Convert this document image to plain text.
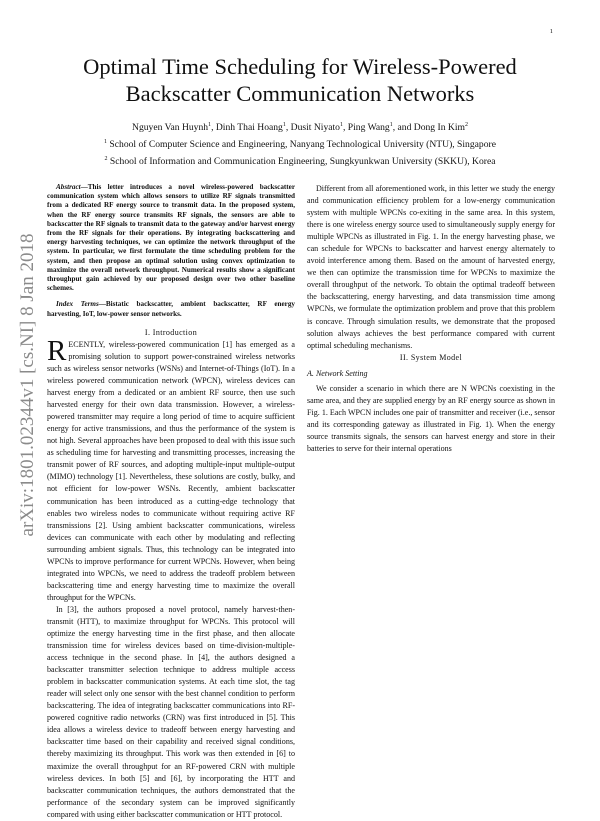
1
arXiv:1801.02344v1 [cs.NI] 8 Jan 2018
Optimal Time Scheduling for Wireless-Powered Backscatter Communication Networks
Nguyen Van Huynh$^1$, Dinh Thai Hoang$^1$, Dusit Niyato$^1$, Ping Wang$^1$, and Dong In Kim$^2$
$^1$ School of Computer Science and Engineering, Nanyang Technological University (NTU), Singapore
$^2$ School of Information and Communication Engineering, Sungkyunkwan University (SKKU), Korea

Abstract—This letter introduces a novel wireless-powered backscatter communication system which allows sensors to utilize RF signals transmitted from a dedicated RF energy source to transmit data. In the proposed system, when the RF energy source transmits RF signals, the sensors are able to backscatter the RF signals to transmit data to the gateway and/or harvest energy from the RF signals for their operations. By integrating backscattering and energy harvesting techniques, we can optimize the network throughput of the system. In particular, we first formulate the time scheduling problem for the system, and then propose an optimal solution using convex optimization to maximize the overall network throughput. Numerical results show a significant throughput gain achieved by our proposed design over two other baseline schemes.

Index Terms—Bistatic backscatter, ambient backscatter, RF energy harvesting, IoT, low-power sensor networks.

I. Introduction

RECENTLY, wireless-powered communication [1] has emerged as a promising solution to support power-constrained wireless networks such as wireless sensor networks (WSNs) and Internet-of-Things (IoT). In a wireless powered communication network (WPCN), wireless devices can harvest energy from a dedicated or an ambient RF source, then use such harvested energy for their own data transmission. However, a wireless-powered transmitter may require a long period of time to acquire sufficient energy for active transmissions, and thus the performance of the system is not high. Several approaches have been proposed to deal with this issue such as scheduling time for harvesting and transmitting processes, increasing the transmit power of RF sources, and adopting multiple-input multiple-output (MIMO) technology [1]. Nevertheless, these solutions are costly, bulky, and not efficient for low-power WSNs. Recently, ambient backscatter communication has been introduced as a cutting-edge technology that enables two wireless nodes to communicate without requiring active RF transmissions [2]. Using ambient backscatter communications, wireless devices can communicate with each other by modulating and reflecting surrounding ambient signals. Thus, this technology can be integrated into WPCNs to improve performance for current WPCNs. However, when being integrated into WPCNs, we need to address the tradeoff problem between backscattering time and energy harvesting time to maximize the overall throughput for the WPCNs.

In [3], the authors proposed a novel protocol, namely harvest-then-transmit (HTT), to maximize throughput for WPCNs. This protocol will optimize the energy harvesting time in the first phase, and then allocate transmission time for wireless devices based on time-division-multiple-access technique in the second phase. In [4], the authors designed a backscatter transmitter selection technique to address multiple access problem in backscatter communication systems. At each time slot, the tag reader will select only one sensor with the best channel condition to perform backscattering. The idea of integrating backscatter communications into RF-powered cognitive radio networks (CRN) was first introduced in [5]. This idea allows a wireless device to tradeoff between energy harvesting and backscatter time based on their capability and received signal conditions, thereby maximizing its throughput. This work was then extended in [6] to maximize the overall throughput for an RF-powered CRN with multiple wireless devices. In both [5] and [6], by incorporating the HTT and backscatter communication techniques, the authors demonstrated that the performance of the secondary system can be improved significantly compared with using either backscatter communication or HTT protocol.

Different from all aforementioned work, in this letter we study the energy and communication efficiency problem for a low-energy communication system with multiple WPCNs co-exiting in the same area. In this system, there is one wireless energy source used to simultaneously supply energy for multiple WPCNs as illustrated in Fig. 1. In the energy harvesting phase, we can schedule for WPCNs to backscatter and harvest energy alternately to avoid interference among them. Based on the amount of harvested energy, we then can optimize the transmission time for WPCNs to maximize the overall throughput of the network. To obtain the optimal tradeoff between the backscattering, energy harvesting, and data transmission time among WPCNs, we formulate the optimization problem and prove that this problem is concave. Through simulation results, we demonstrate that the proposed solution always achieves the best performance compared with current optimal scheduling mechanisms.

II. System Model

A. Network Setting

We consider a scenario in which there are N WPCNs coexisting in the same area, and they are supplied energy by an RF energy source as shown in Fig. 1. Each WPCN includes one pair of transmitter and receiver (i.e., sensor and its corresponding gateway as illustrated in Fig. 1). When the energy source transmits signals, the sensors can harvest energy and store in their batteries to serve for their internal operations
